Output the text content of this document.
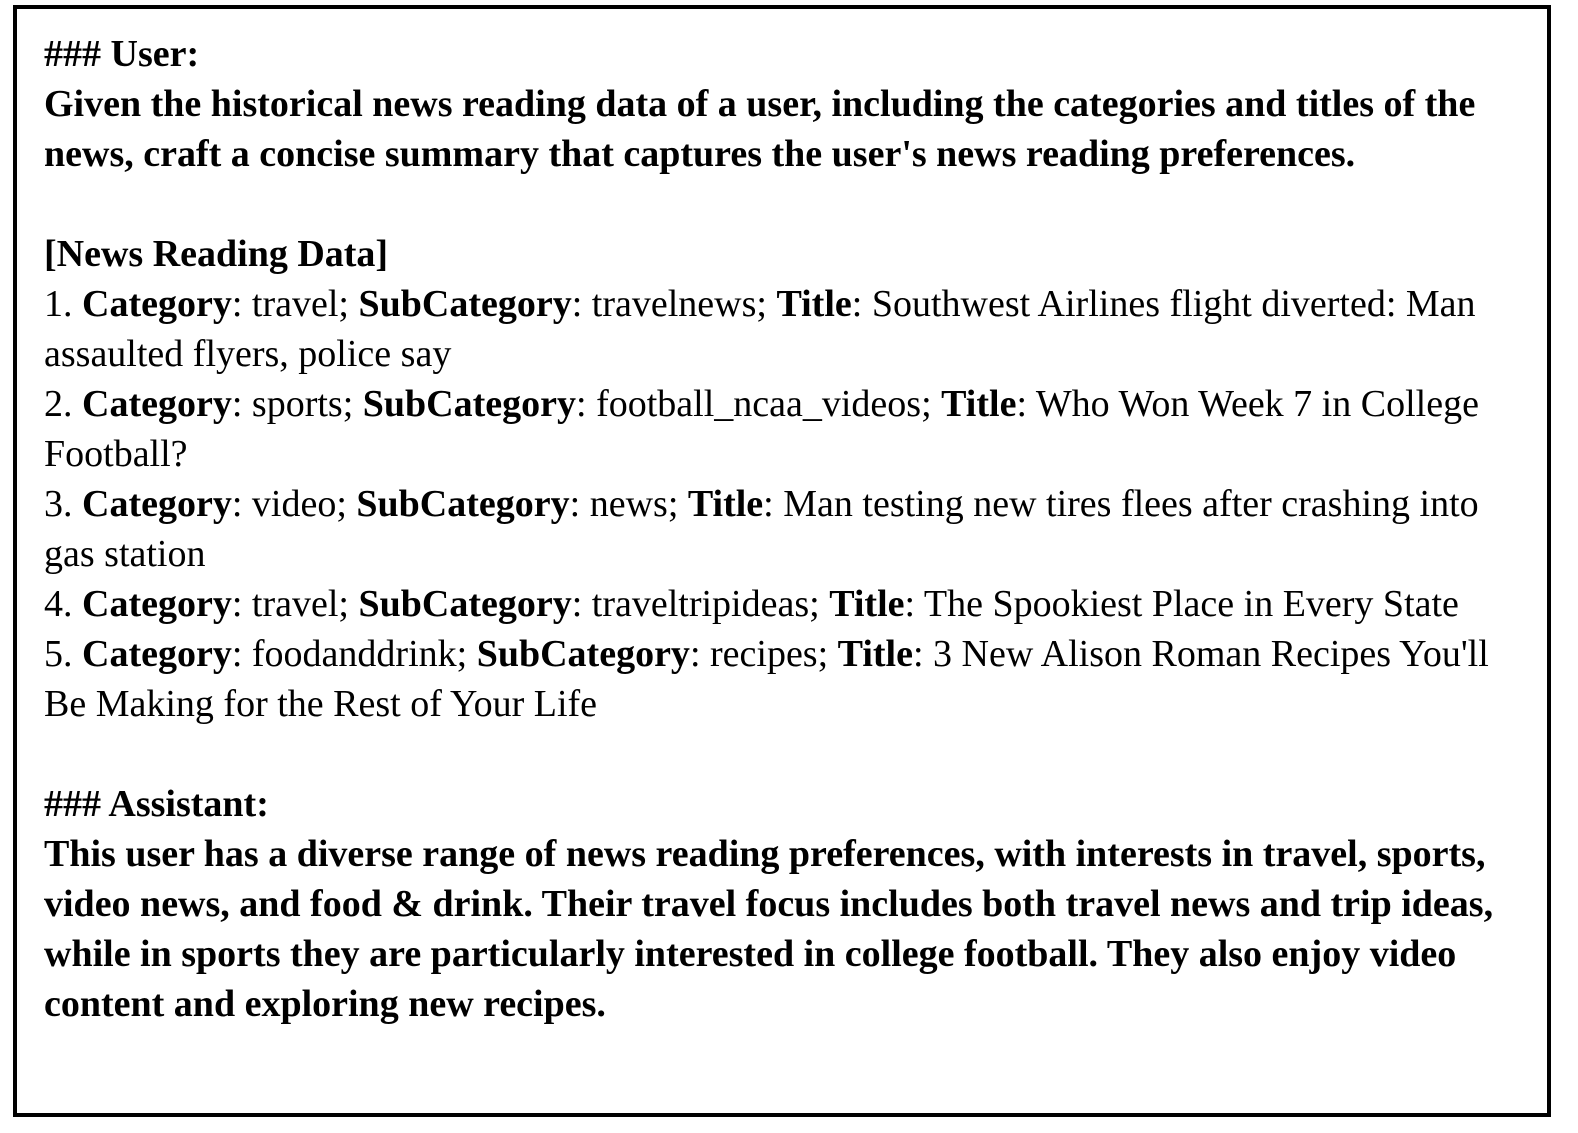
### User:
Given the historical news reading data of a user, including the categories and titles of the news, craft a concise summary that captures the user's news reading preferences.
[News Reading Data]
1. Category: travel; SubCategory: travelnews; Title: Southwest Airlines flight diverted: Man assaulted flyers, police say
2. Category: sports; SubCategory: football_ncaa_videos; Title: Who Won Week 7 in College Football?
3. Category: video; SubCategory: news; Title: Man testing new tires flees after crashing into gas station
4. Category: travel; SubCategory: traveltripideas; Title: The Spookiest Place in Every State
5. Category: foodanddrink; SubCategory: recipes; Title: 3 New Alison Roman Recipes You'll Be Making for the Rest of Your Life
### Assistant:
This user has a diverse range of news reading preferences, with interests in travel, sports, video news, and food & drink. Their travel focus includes both travel news and trip ideas, while in sports they are particularly interested in college football. They also enjoy video content and exploring new recipes.
